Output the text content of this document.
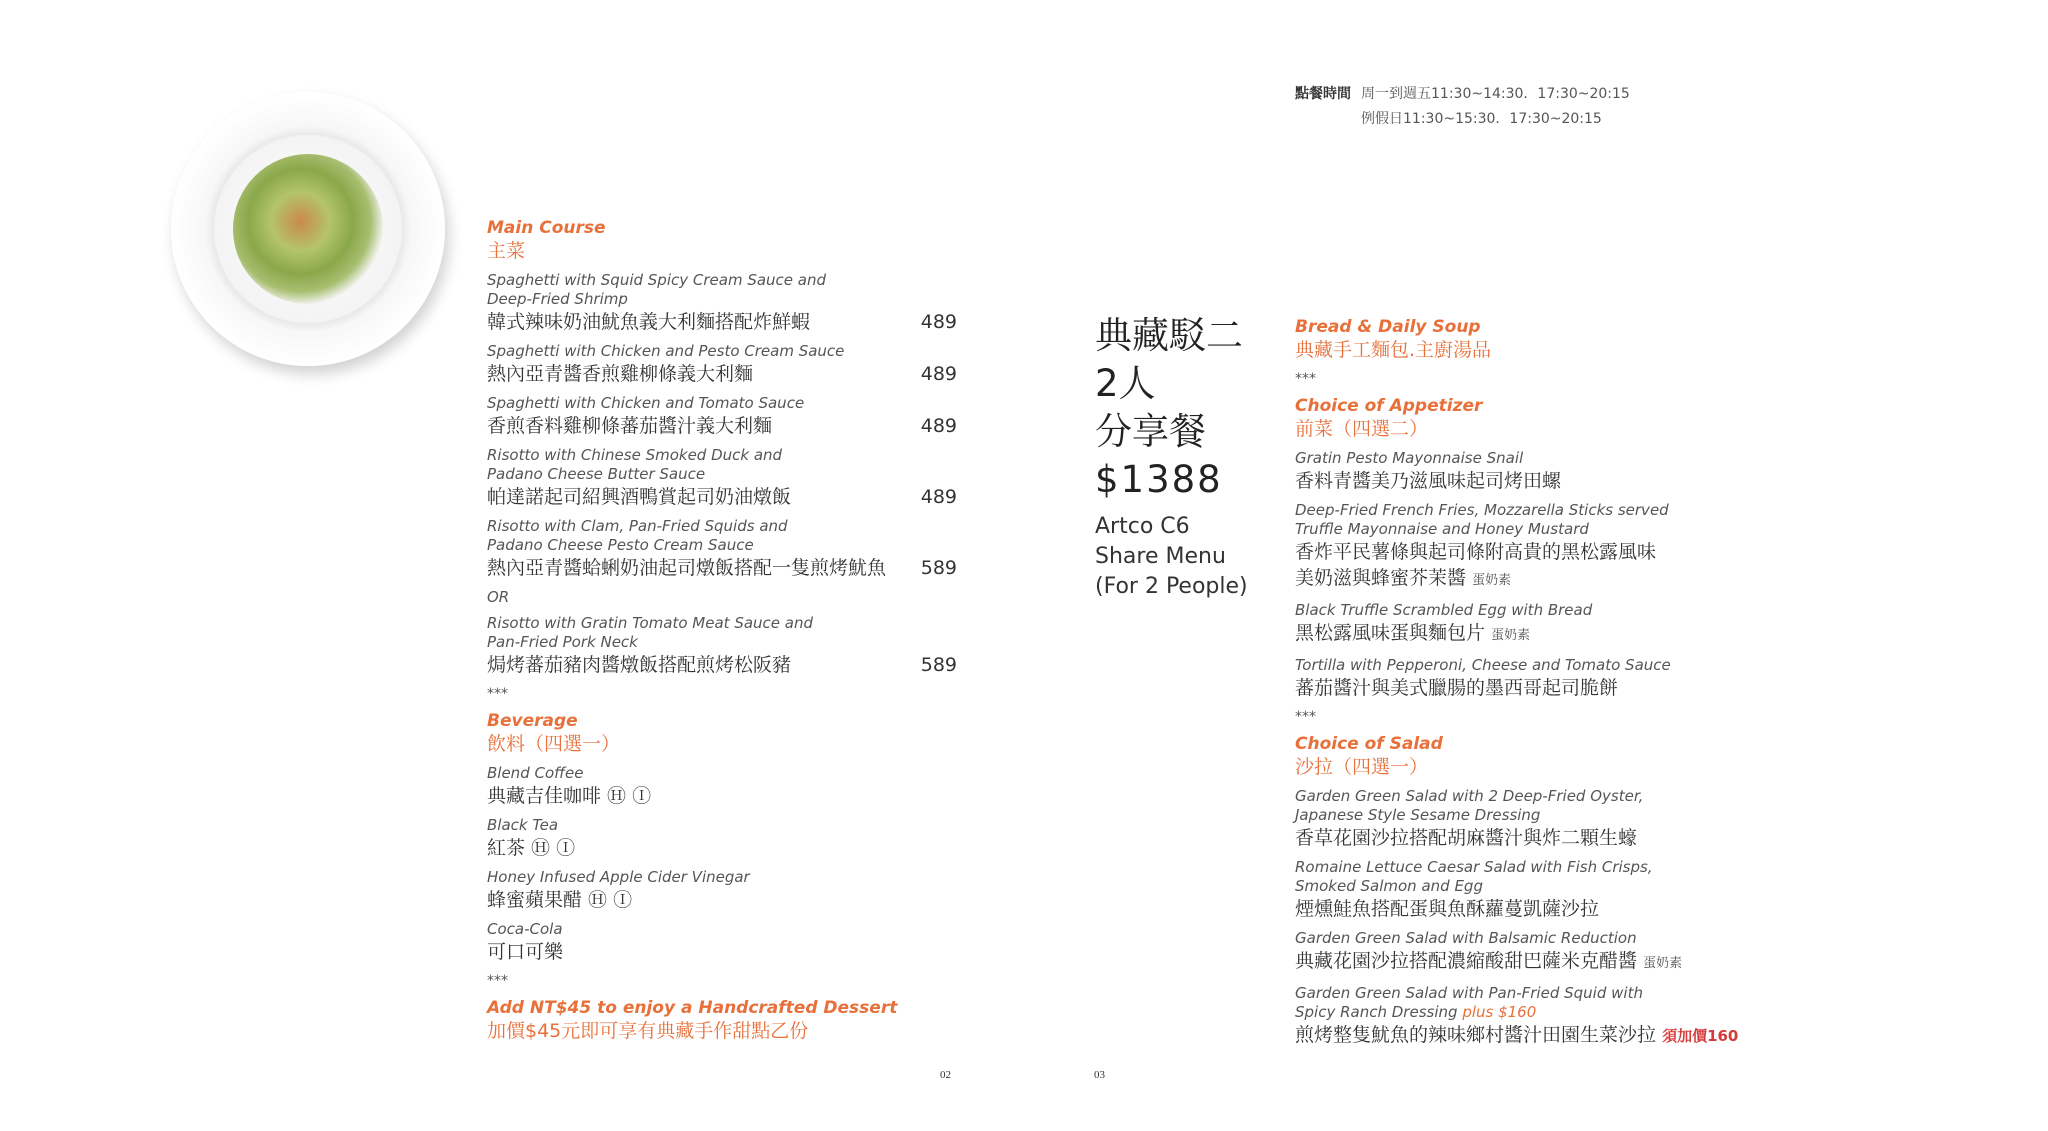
點餐時間 周一到週五11:30~14:30．17:30~20:15
例假日11:30~15:30．17:30~20:15
Main Course
主菜
Spaghetti with Squid Spicy Cream Sauce and
Deep-Fried Shrimp
韓式辣味奶油魷魚義大利麵搭配炸鮮蝦	489
Spaghetti with Chicken and Pesto Cream Sauce
熱內亞青醬香煎雞柳條義大利麵	489
Spaghetti with Chicken and Tomato Sauce
香煎香料雞柳條蕃茄醬汁義大利麵	489
Risotto with Chinese Smoked Duck and
Padano Cheese Butter Sauce
帕達諾起司紹興酒鴨賞起司奶油燉飯	489
Risotto with Clam, Pan-Fried Squids and
Padano Cheese Pesto Cream Sauce
熱內亞青醬蛤蜊奶油起司燉飯搭配一隻煎烤魷魚	589
OR
Risotto with Gratin Tomato Meat Sauce and
Pan-Fried Pork Neck
焗烤蕃茄豬肉醬燉飯搭配煎烤松阪豬	589
***
Beverage
飲料（四選一）
Blend Coffee
典藏吉佳咖啡 Ⓗ Ⓘ
Black Tea
紅茶 Ⓗ Ⓘ
Honey Infused Apple Cider Vinegar
蜂蜜蘋果醋 Ⓗ Ⓘ
Coca-Cola
可口可樂
***
Add NT$45 to enjoy a Handcrafted Dessert
加價$45元即可享有典藏手作甜點乙份
典藏駁二
2人
分享餐
$1388
Artco C6
Share Menu
(For 2 People)
Bread & Daily Soup
典藏手工麵包.主廚湯品
***
Choice of Appetizer
前菜（四選二）
Gratin Pesto Mayonnaise Snail
香料青醬美乃滋風味起司烤田螺
Deep-Fried French Fries, Mozzarella Sticks served
Truffle Mayonnaise and Honey Mustard
香炸平民薯條與起司條附高貴的黑松露風味
美奶滋與蜂蜜芥茉醬 蛋奶素
Black Truffle Scrambled Egg with Bread
黑松露風味蛋與麵包片 蛋奶素
Tortilla with Pepperoni, Cheese and Tomato Sauce
蕃茄醬汁與美式臘腸的墨西哥起司脆餅
***
Choice of Salad
沙拉（四選一）
Garden Green Salad with 2 Deep-Fried Oyster,
Japanese Style Sesame Dressing
香草花園沙拉搭配胡麻醬汁與炸二顆生蠔
Romaine Lettuce Caesar Salad with Fish Crisps,
Smoked Salmon and Egg
煙燻鮭魚搭配蛋與魚酥蘿蔓凱薩沙拉
Garden Green Salad with Balsamic Reduction
典藏花園沙拉搭配濃縮酸甜巴薩米克醋醬 蛋奶素
Garden Green Salad with Pan-Fried Squid with
Spicy Ranch Dressing plus $160
煎烤整隻魷魚的辣味鄉村醬汁田園生菜沙拉 須加價160
02	03
